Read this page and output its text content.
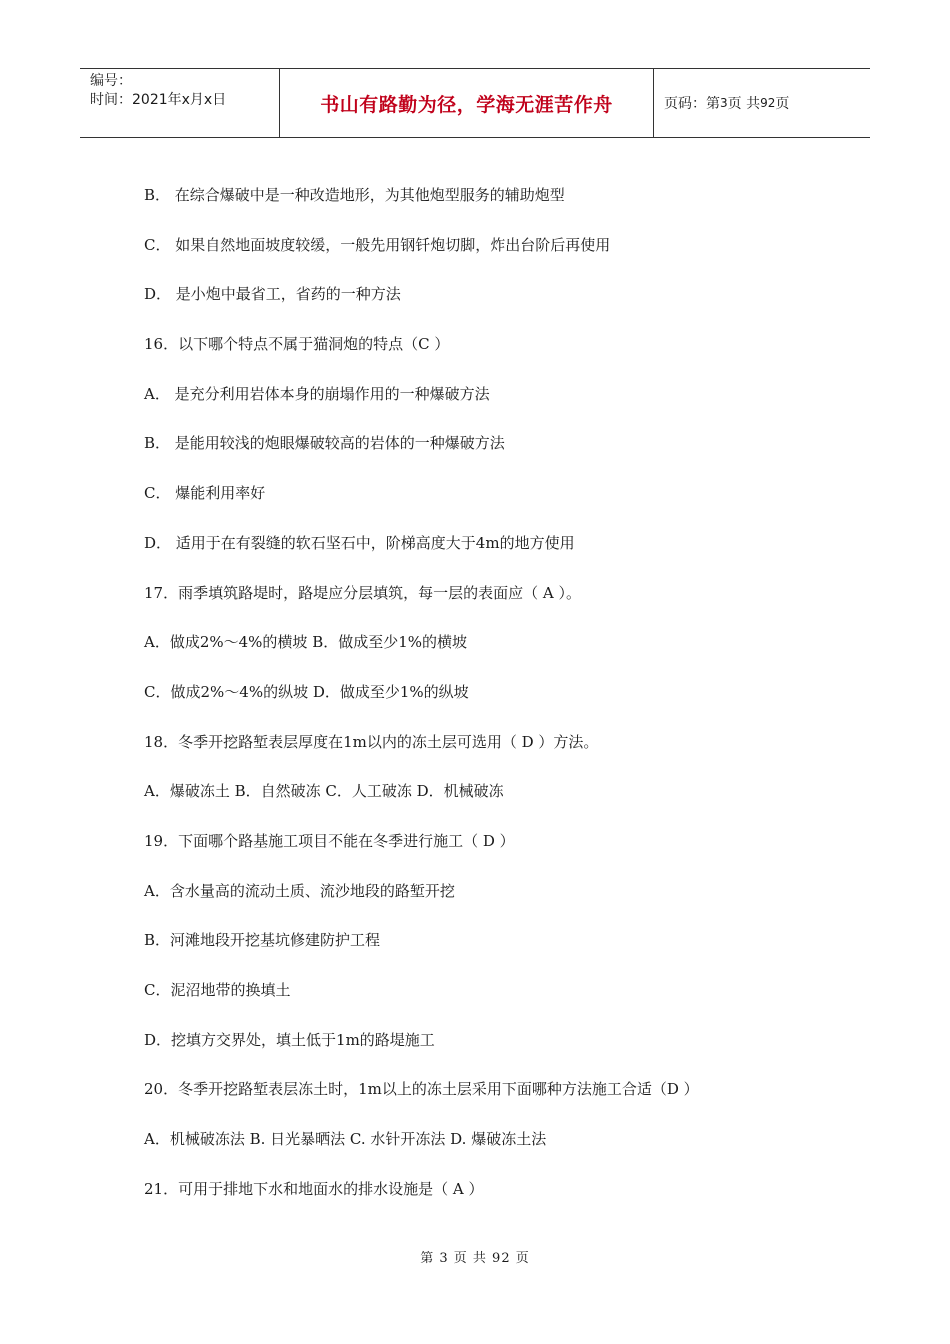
编号：
时间：2021年x月x日	书山有路勤为径，学海无涯苦作舟	页码：第 3 页 共 92 页
B． 在综合爆破中是一种改造地形，为其他炮型服务的辅助炮型
C． 如果自然地面坡度较缓，一般先用钢钎炮切脚，炸出台阶后再使用
D． 是小炮中最省工，省药的一种方法
16．以下哪个特点不属于猫洞炮的特点（C ）
A． 是充分利用岩体本身的崩塌作用的一种爆破方法
B． 是能用较浅的炮眼爆破较高的岩体的一种爆破方法
C． 爆能利用率好
D． 适用于在有裂缝的软石坚石中，阶梯高度大于4m的地方使用
17．雨季填筑路堤时，路堤应分层填筑，每一层的表面应（ A ）。
A．做成2%～4%的横坡 B．做成至少1%的横坡
C．做成2%～4%的纵坡 D．做成至少1%的纵坡
18．冬季开挖路堑表层厚度在1m以内的冻土层可选用（ D ）方法。
A．爆破冻土 B．自然破冻 C．人工破冻 D．机械破冻
19．下面哪个路基施工项目不能在冬季进行施工（ D ）
A．含水量高的流动土质、流沙地段的路堑开挖
B．河滩地段开挖基坑修建防护工程
C．泥沼地带的换填土
D．挖填方交界处，填土低于1m的路堤施工
20．冬季开挖路堑表层冻土时，1m以上的冻土层采用下面哪种方法施工合适（D ）
A．机械破冻法 B. 日光暴晒法 C. 水针开冻法 D. 爆破冻土法
21．可用于排地下水和地面水的排水设施是（ A ）
第 3 页 共 92 页
